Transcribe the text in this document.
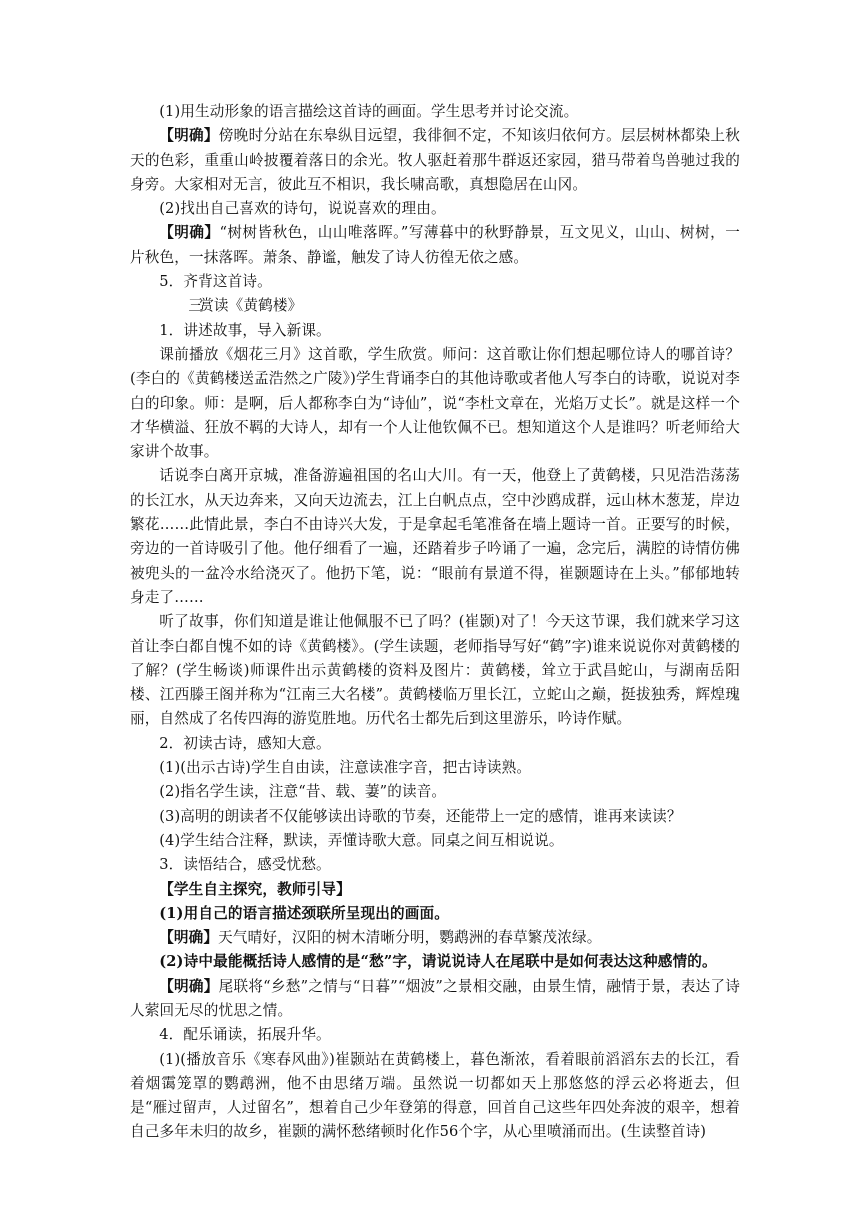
(1)用生动形象的语言描绘这首诗的画面。学生思考并讨论交流。

【明确】傍晚时分站在东皋纵目远望，我徘徊不定，不知该归依何方。层层树林都染上秋天的色彩，重重山岭披覆着落日的余光。牧人驱赶着那牛群返还家园，猎马带着鸟兽驰过我的身旁。大家相对无言，彼此互不相识，我长啸高歌，真想隐居在山冈。

(2)找出自己喜欢的诗句，说说喜欢的理由。

【明确】“树树皆秋色，山山唯落晖。”写薄暮中的秋野静景，互文见义，山山、树树，一片秋色，一抹落晖。萧条、静谧，触发了诗人彷徨无依之感。

5．齐背这首诗。

三赏读《黄鹤楼》

1．讲述故事，导入新课。

课前播放《烟花三月》这首歌，学生欣赏。师问：这首歌让你们想起哪位诗人的哪首诗？(李白的《黄鹤楼送孟浩然之广陵》)学生背诵李白的其他诗歌或者他人写李白的诗歌，说说对李白的印象。师：是啊，后人都称李白为“诗仙”，说“李杜文章在，光焰万丈长”。就是这样一个才华横溢、狂放不羁的大诗人，却有一个人让他钦佩不已。想知道这个人是谁吗？听老师给大家讲个故事。

话说李白离开京城，准备游遍祖国的名山大川。有一天，他登上了黄鹤楼，只见浩浩荡荡的长江水，从天边奔来，又向天边流去，江上白帆点点，空中沙鸥成群，远山林木葱茏，岸边繁花……此情此景，李白不由诗兴大发，于是拿起毛笔准备在墙上题诗一首。正要写的时候，旁边的一首诗吸引了他。他仔细看了一遍，还踏着步子吟诵了一遍，念完后，满腔的诗情仿佛被兜头的一盆冷水给浇灭了。他扔下笔，说：“眼前有景道不得，崔颢题诗在上头。”郁郁地转身走了……

听了故事，你们知道是谁让他佩服不已了吗？(崔颢)对了！今天这节课，我们就来学习这首让李白都自愧不如的诗《黄鹤楼》。(学生读题，老师指导写好“鹤”字)谁来说说你对黄鹤楼的了解？(学生畅谈)师课件出示黄鹤楼的资料及图片：黄鹤楼，耸立于武昌蛇山，与湖南岳阳楼、江西滕王阁并称为“江南三大名楼”。黄鹤楼临万里长江，立蛇山之巅，挺拔独秀，辉煌瑰丽，自然成了名传四海的游览胜地。历代名士都先后到这里游乐，吟诗作赋。

2．初读古诗，感知大意。

(1)(出示古诗)学生自由读，注意读准字音，把古诗读熟。

(2)指名学生读，注意“昔、载、萋”的读音。

(3)高明的朗读者不仅能够读出诗歌的节奏，还能带上一定的感情，谁再来读读？

(4)学生结合注释，默读，弄懂诗歌大意。同桌之间互相说说。

3．读悟结合，感受忧愁。

【学生自主探究，教师引导】

(1)用自己的语言描述颈联所呈现出的画面。

【明确】天气晴好，汉阳的树木清晰分明，鹦鹉洲的春草繁茂浓绿。

(2)诗中最能概括诗人感情的是“愁”字，请说说诗人在尾联中是如何表达这种感情的。

【明确】尾联将“乡愁”之情与“日暮”“烟波”之景相交融，由景生情，融情于景，表达了诗人萦回无尽的忧思之情。

4．配乐诵读，拓展升华。

(1)(播放音乐《寒春风曲》)崔颢站在黄鹤楼上，暮色渐浓，看着眼前滔滔东去的长江，看着烟霭笼罩的鹦鹉洲，他不由思绪万端。虽然说一切都如天上那悠悠的浮云必将逝去，但是“雁过留声，人过留名”，想着自己少年登第的得意，回首自己这些年四处奔波的艰辛，想着自己多年未归的故乡，崔颢的满怀愁绪顿时化作56个字，从心里喷涌而出。(生读整首诗)
